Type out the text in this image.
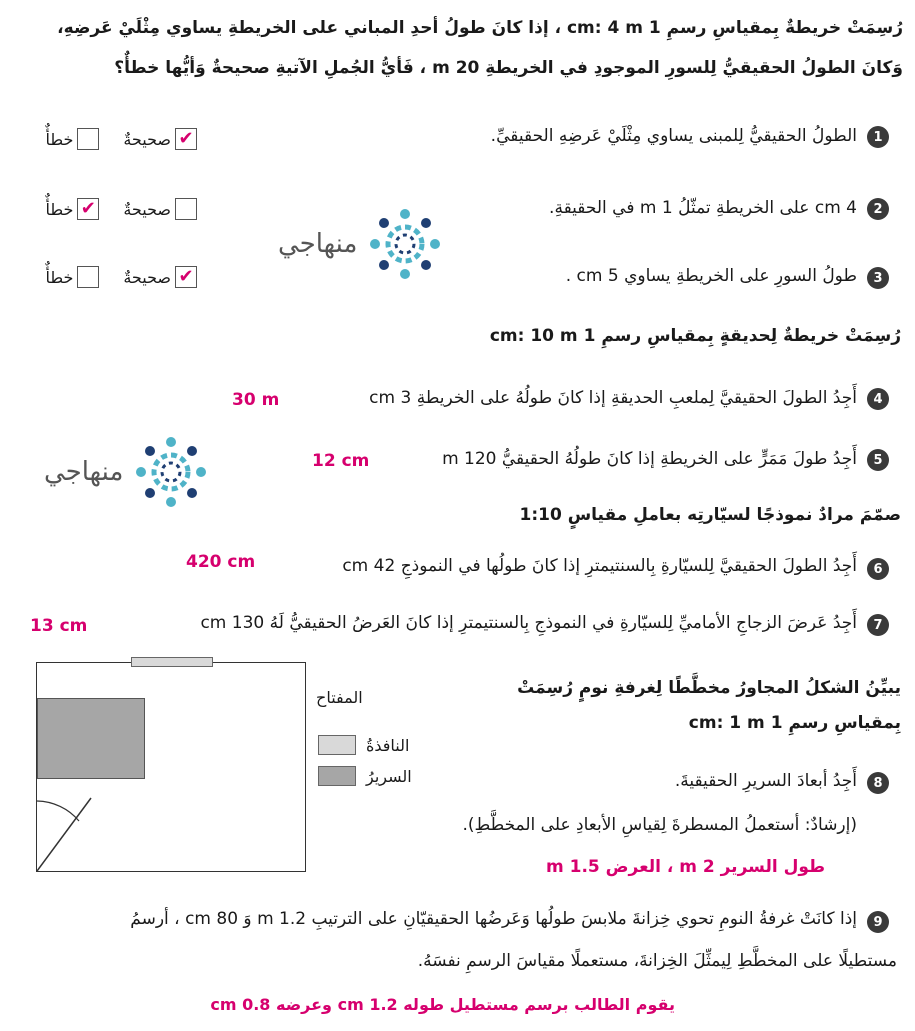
رُسِمَتْ خريطةٌ بِمقياسِ رسمِ 1 cm: 4 m ، إذا كانَ طولُ أحدِ المباني على الخريطةِ يساوي مِثْلَيْ عَرضِهِ،
وَكانَ الطولُ الحقيقيُّ لِلسورِ الموجودِ في الخريطةِ 20 m ، فَأيُّ الجُملِ الآتيةِ صحيحةٌ وَأيُّها خطأٌ؟
1
الطولُ الحقيقيُّ لِلمبنى يساوي مِثْلَيْ عَرضِهِ الحقيقيِّ.
✔
صحيحةٌ
خطأٌ
2
4 cm على الخريطةِ تمثّلُ 1 m في الحقيقةِ.
صحيحةٌ
✔
خطأٌ
3
طولُ السورِ على الخريطةِ يساوي 5 cm .
✔
صحيحةٌ
خطأٌ
منهاجي
رُسِمَتْ خريطةٌ لِحديقةٍ بِمقياسِ رسمِ 1 cm: 10 m
4
أَجِدُ الطولَ الحقيقيَّ لِملعبِ الحديقةِ إذا كانَ طولُهُ على الخريطةِ 3 cm
30 m
5
أَجِدُ طولَ مَمَرٍّ على الخريطةِ إذا كانَ طولُهُ الحقيقيُّ 120 m
12 cm
منهاجي
صمّمَ مرادٌ نموذجًا لسيّارتِه بعاملِ مقياسٍ 1:10
6
أَجِدُ الطولَ الحقيقيَّ لِلسيّارةِ بِالسنتيمترِ إذا كانَ طولُها في النموذجِ 42 cm
420 cm
7
أَجِدُ عَرضَ الزجاجِ الأماميِّ لِلسيّارةِ في النموذجِ بِالسنتيمترِ إذا كانَ العَرضُ الحقيقيُّ لَهُ 130 cm
13 cm
المفتاح
النافذةُ
السريرُ
يبيِّنُ الشكلُ المجاورُ مخطَّطًا لِغرفةِ نومٍ رُسِمَتْ
بِمقياسِ رسمِ 1 cm: 1 m
8
أَجِدُ أبعادَ السريرِ الحقيقيةَ.
(إرشادٌ: أستعملُ المسطرةَ لِقياسِ الأبعادِ على المخطَّطِ).
طول السرير 2 m ، العرض 1.5 m
9
إذا كانَتْ غرفةُ النومِ تحوي خِزانةَ ملابسَ طولُها وَعَرضُها الحقيقيّانِ على الترتيبِ 1.2 m وَ 80 cm ، أرسمُ
مستطيلًا على المخطَّطِ لِيمثِّلَ الخِزانةَ، مستعملًا مقياسَ الرسمِ نفسَهُ.
يقوم الطالب برسم مستطيل طوله 1.2 cm وعرضه 0.8 cm
